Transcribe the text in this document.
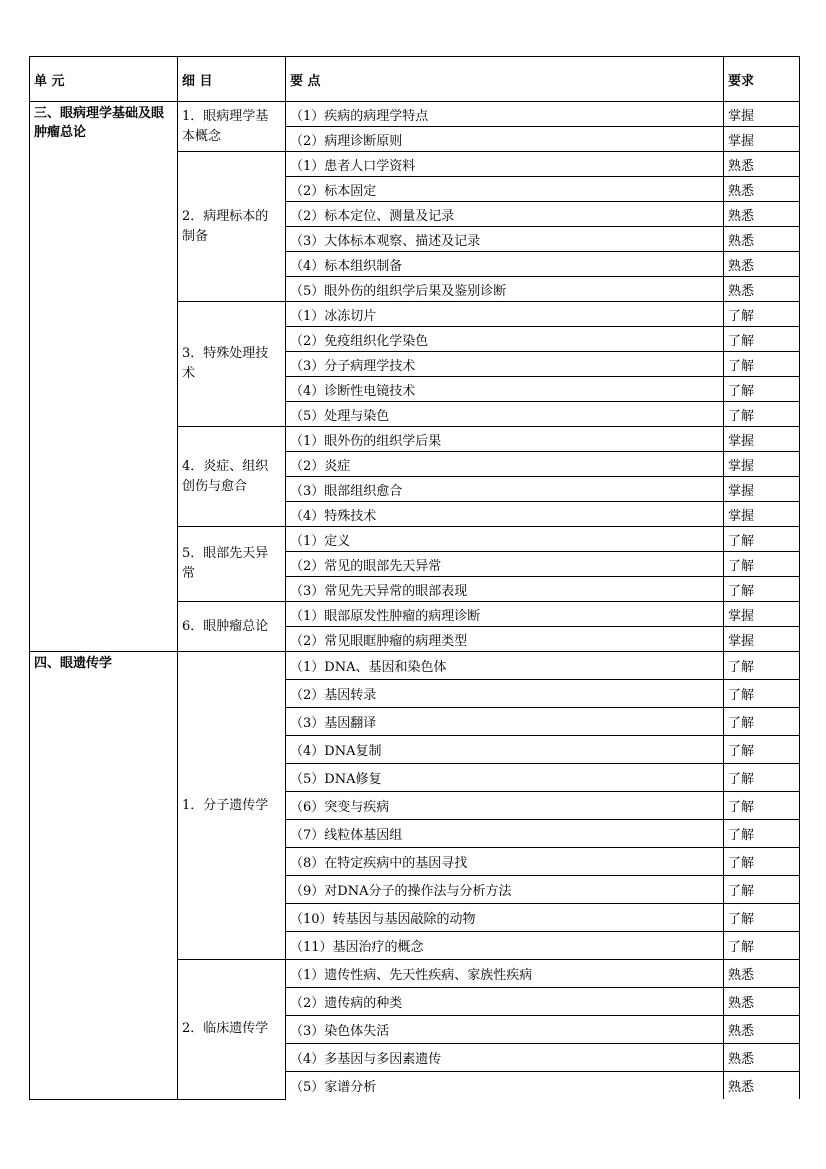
单 元	细 目	要 点	要求
三、眼病理学基础及眼肿瘤总论	1．眼病理学基本概念	（1）疾病的病理学特点	掌握
		（2）病理诊断原则	掌握
	2．病理标本的制备	（1）患者人口学资料	熟悉
		（2）标本固定	熟悉
		（2）标本定位、测量及记录	熟悉
		（3）大体标本观察、描述及记录	熟悉
		（4）标本组织制备	熟悉
		（5）眼外伤的组织学后果及鉴别诊断	熟悉
	3．特殊处理技术	（1）冰冻切片	了解
		（2）免疫组织化学染色	了解
		（3）分子病理学技术	了解
		（4）诊断性电镜技术	了解
		（5）处理与染色	了解
	4．炎症、组织创伤与愈合	（1）眼外伤的组织学后果	掌握
		（2）炎症	掌握
		（3）眼部组织愈合	掌握
		（4）特殊技术	掌握
	5．眼部先天异常	（1）定义	了解
		（2）常见的眼部先天异常	了解
		（3）常见先天异常的眼部表现	了解
	6．眼肿瘤总论	（1）眼部原发性肿瘤的病理诊断	掌握
		（2）常见眼眶肿瘤的病理类型	掌握
四、眼遗传学	1．分子遗传学	（1）DNA、基因和染色体	了解
		（2）基因转录	了解
		（3）基因翻译	了解
		（4）DNA复制	了解
		（5）DNA修复	了解
		（6）突变与疾病	了解
		（7）线粒体基因组	了解
		（8）在特定疾病中的基因寻找	了解
		（9）对DNA分子的操作法与分析方法	了解
		（10）转基因与基因敲除的动物	了解
		（11）基因治疗的概念	了解
	2．临床遗传学	（1）遗传性病、先天性疾病、家族性疾病	熟悉
		（2）遗传病的种类	熟悉
		（3）染色体失活	熟悉
		（4）多基因与多因素遗传	熟悉
		（5）家谱分析	熟悉
